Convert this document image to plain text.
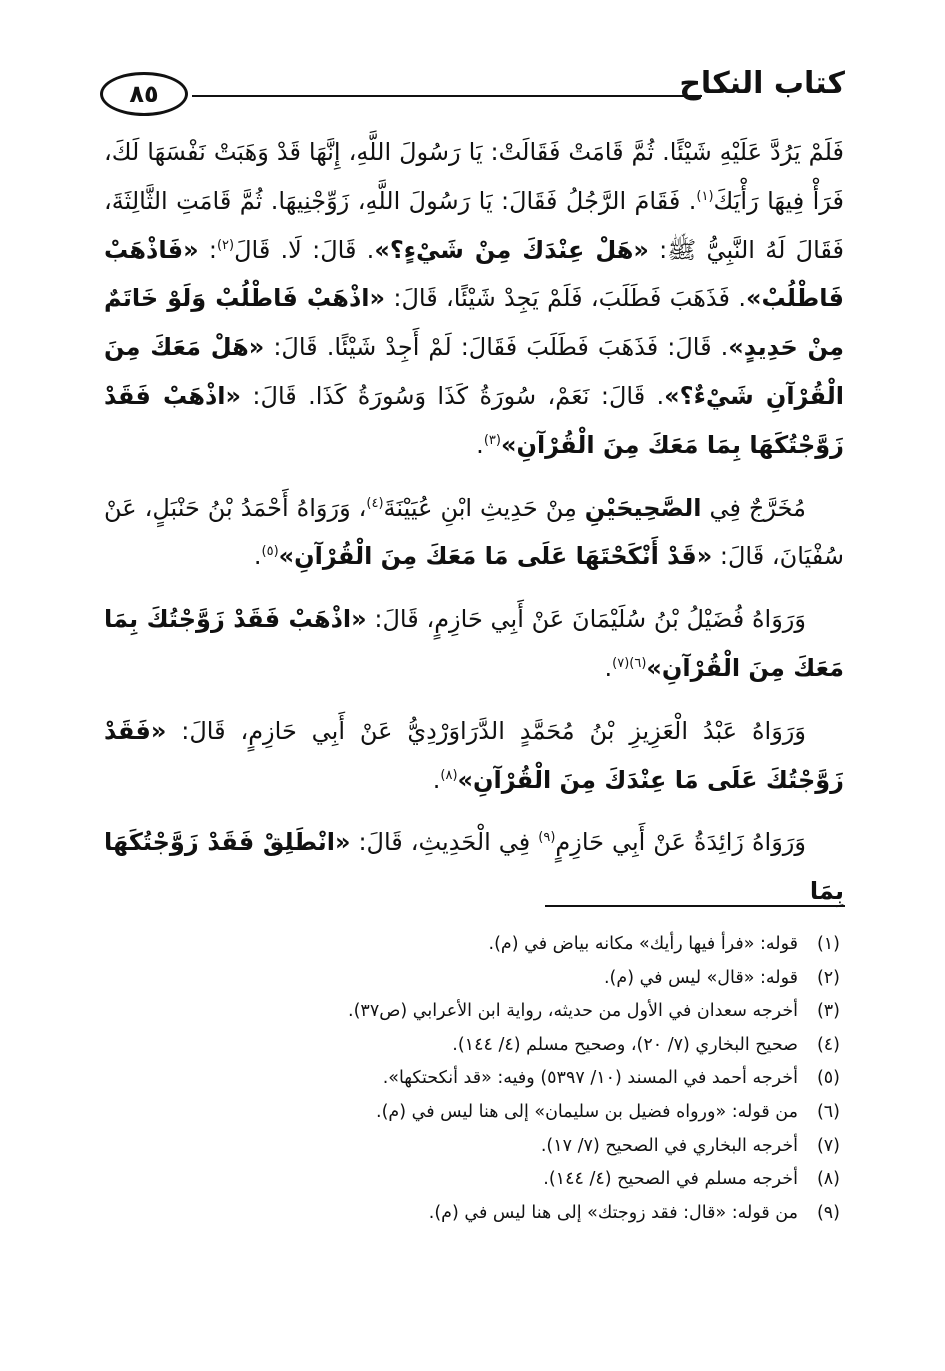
٨٥	كتاب النكاح

فَلَمْ يَرُدَّ عَلَيْهِ شَيْئًا. ثُمَّ قَامَتْ فَقَالَتْ: يَا رَسُولَ اللَّهِ، إِنَّهَا قَدْ وَهَبَتْ نَفْسَهَا لَكَ، فَرَأْ فِيهَا رَأْيَكَ$^{(١)}$. فَقَامَ الرَّجُلُ فَقَالَ: يَا رَسُولَ اللَّهِ، زَوِّجْنِيهَا. ثُمَّ قَامَتِ الثَّالِثَةَ، فَقَالَ لَهُ النَّبِيُّ ﷺ: «هَلْ عِنْدَكَ مِنْ شَيْءٍ؟». قَالَ: لَا. قَالَ$^{(٢)}$: «فَاذْهَبْ فَاطْلُبْ». فَذَهَبَ فَطَلَبَ، فَلَمْ يَجِدْ شَيْئًا، قَالَ: «اذْهَبْ فَاطْلُبْ وَلَوْ خَاتَمٌ مِنْ حَدِيدٍ». قَالَ: فَذَهَبَ فَطَلَبَ فَقَالَ: لَمْ أَجِدْ شَيْئًا. قَالَ: «هَلْ مَعَكَ مِنَ الْقُرْآنِ شَيْءٌ؟». قَالَ: نَعَمْ، سُورَةُ كَذَا وَسُورَةُ كَذَا. قَالَ: «اذْهَبْ فَقَدْ زَوَّجْتُكَهَا بِمَا مَعَكَ مِنَ الْقُرْآنِ»$^{(٣)}$.

مُخَرَّجٌ فِي الصَّحِيحَيْنِ مِنْ حَدِيثِ ابْنِ عُيَيْنَةَ$^{(٤)}$، وَرَوَاهُ أَحْمَدُ بْنُ حَنْبَلٍ، عَنْ سُفْيَانَ، قَالَ: «قَدْ أَنْكَحْتَهَا عَلَى مَا مَعَكَ مِنَ الْقُرْآنِ»$^{(٥)}$.

وَرَوَاهُ فُضَيْلُ بْنُ سُلَيْمَانَ عَنْ أَبِي حَازِمٍ، قَالَ: «اذْهَبْ فَقَدْ زَوَّجْتُكَ بِمَا مَعَكَ مِنَ الْقُرْآنِ»$^{(٦)(٧)}$.

وَرَوَاهُ عَبْدُ الْعَزِيزِ بْنُ مُحَمَّدٍ الدَّرَاوَرْدِيُّ عَنْ أَبِي حَازِمٍ، قَالَ: «فَقَدْ زَوَّجْتُكَ عَلَى مَا عِنْدَكَ مِنَ الْقُرْآنِ»$^{(٨)}$.

وَرَوَاهُ زَائِدَةُ عَنْ أَبِي حَازِمٍ$^{(٩)}$ فِي الْحَدِيثِ، قَالَ: «انْطَلِقْ فَقَدْ زَوَّجْتُكَهَا بِمَا

(١)قوله: «فرأ فيها رأيك» مكانه بياض في (م).
(٢)قوله: «قال» ليس في (م).
(٣)أخرجه سعدان في الأول من حديثه، رواية ابن الأعرابي (ص٣٧).
(٤)صحيح البخاري (٧/ ٢٠)، وصحيح مسلم (٤/ ١٤٤).
(٥)أخرجه أحمد في المسند (١٠/ ٥٣٩٧) وفيه: «قد أنكحتكها».
(٦)من قوله: «ورواه فضيل بن سليمان» إلى هنا ليس في (م).
(٧)أخرجه البخاري في الصحيح (٧/ ١٧).
(٨)أخرجه مسلم في الصحيح (٤/ ١٤٤).
(٩)من قوله: «قال: فقد زوجتك» إلى هنا ليس في (م).
